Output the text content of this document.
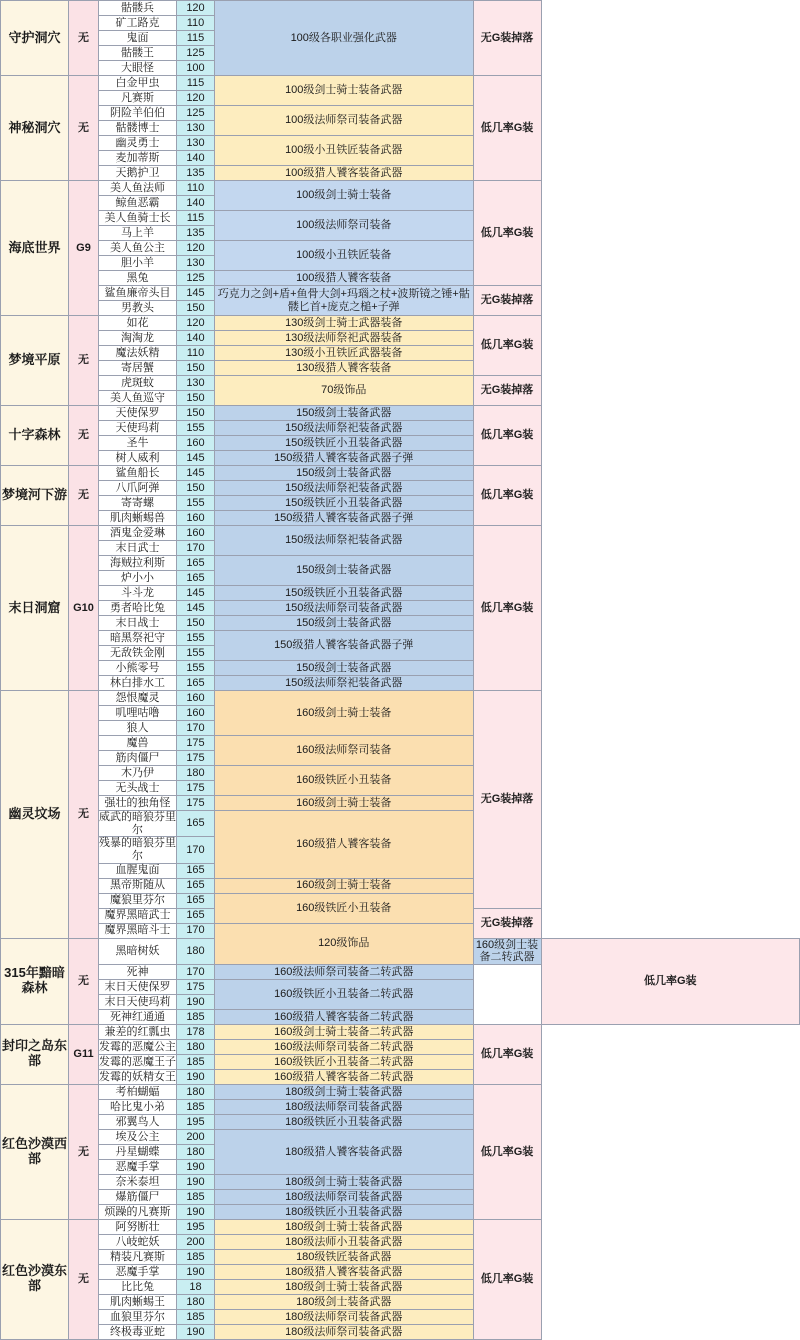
守护洞穴	无	骷髅兵	120	100级各职业强化武器	无G装掉落	
		矿工路克	110			
		鬼面	115			
		骷髅王	125			
		大眼怪	100			
神秘洞穴	无	白金甲虫	115	100级剑士骑士装备武器	低几率G装	
		凡赛斯	120			
		阴险羊伯伯	125	100级法师祭司装备武器		
		骷髅博士	130			
		幽灵勇士	130	100级小丑铁匠装备武器		
		麦加蒂斯	140			
		天鹅护卫	135	100级猎人饕客装备武器		
海底世界	G9	美人鱼法师	110	100级剑士骑士装备	低几率G装	
		鲸鱼恶霸	140			
		美人鱼骑士长	115	100级法师祭司装备		
		马上羊	135			
		美人鱼公主	120	100级小丑铁匠装备		
		胆小羊	130			
		黑兔	125	100级猎人饕客装备		
		鲨鱼廉帝头目	145	巧克力之剑+盾+鱼骨大剑+玛瑙之杖+波斯镜之锤+骷髅匕首+庞克之槌+子弹	无G装掉落	
		男教头	150			
梦境平原	无	如花	120	130级剑士骑士武器装备	低几率G装	
		淘淘龙	140	130级法师祭祀武器装备		
		魔法妖精	110	130级小丑铁匠武器装备		
		寄居蟹	150	130级猎人饕客装备		
		虎斑蚊	130	70级饰品	无G装掉落	
		美人鱼巡守	150			
十字森林	无	天使保罗	150	150级剑士装备武器	低几率G装	
		天使玛莉	155	150级法师祭祀装备武器		
		圣牛	160	150级铁匠小丑装备武器		
		树人威利	145	150级猎人饕客装备武器子弹		
梦境河下游	无	鲨鱼船长	145	150级剑士装备武器	低几率G装	
		八爪阿弹	150	150级法师祭祀装备武器		
		寄寄螺	155	150级铁匠小丑装备武器		
		肌肉蜥蜴兽	160	150级猎人饕客装备武器子弹		
末日洞窟	G10	酒鬼金爱琳	160	150级法师祭祀装备武器	低几率G装	
		末日武士	170			
		海贼拉利斯	165	150级剑士装备武器		
		炉小小	165			
		斗斗龙	145	150级铁匠小丑装备武器		
		勇者哈比兔	145	150级法师祭司装备武器		
		末日战士	150	150级剑士装备武器		
		暗黑祭祀守	155	150级猎人饕客装备武器子弹		
		无敌铁金刚	155			
		小熊零号	155	150级剑士装备武器		
		林白排水工	165	150级法师祭祀装备武器		
幽灵坟场	无	怨恨魔灵	160	160级剑士骑士装备	无G装掉落	
		叽哩咕噜	160			
		狼人	170			
		魔兽	175	160级法师祭司装备		
		筋肉僵尸	175			
		木乃伊	180	160级铁匠小丑装备		
		无头战士	175			
		强壮的独角怪	175	160级剑士骑士装备		
		威武的暗狼芬里尔	165	160级猎人饕客装备		
		残暴的暗狼芬里尔	170			
		血腥鬼面	165			
		黑帝斯随从	165	160级剑士骑士装备		
		魔狼里芬尔	165	160级铁匠小丑装备		
		魔界黑暗武士	165		无G装掉落	
		魔界黑暗斗士	170	120级饰品		
315年黯暗森林	无	黑暗树妖	180		160级剑士装备二转武器	低几率G装
		死神	170	160级法师祭司装备二转武器		
		末日天使保罗	175	160级铁匠小丑装备二转武器		
		末日天使玛莉	190			
		死神红通通	185	160级猎人饕客装备二转武器		
封印之岛东部	G11	兼差的红瓢虫	178	160级剑士骑士装备二转武器	低几率G装	
		发霉的恶魔公主	180	160级法师祭司装备二转武器		
		发霉的恶魔王子	185	160级铁匠小丑装备二转武器		
		发霉的妖精女王	190	160级猎人饕客装备二转武器		
红色沙漠西部	无	考柏蝴蝠	180	180级剑士骑士装备武器	低几率G装	
		哈比鬼小弟	185	180级法师祭司装备武器		
		邪翼鸟人	195	180级铁匠小丑装备武器		
		埃及公主	200	180级猎人饕客装备武器		
		丹星蝴蝶	180			
		恶魔手掌	190			
		奈米泰坦	190	180级剑士骑士装备武器		
		爆筋僵尸	185	180级法师祭司装备武器		
		烦躁的凡赛斯	190	180级铁匠小丑装备武器		
红色沙漠东部	无	阿努断壮	195	180级剑士骑士装备武器	低几率G装	
		八岐蛇妖	200	180级法师小丑装备武器		
		精装凡赛斯	185	180级铁匠装备武器		
		恶魔手掌	190	180级猎人饕客装备武器		
		比比兔	18	180级剑士骑士装备武器		
		肌肉蜥蜴王	180	180级剑士装备武器		
		血狼里芬尔	185	180级法师祭司装备武器		
		终极毒亚蛇	190	180级法师祭司装备武器		
